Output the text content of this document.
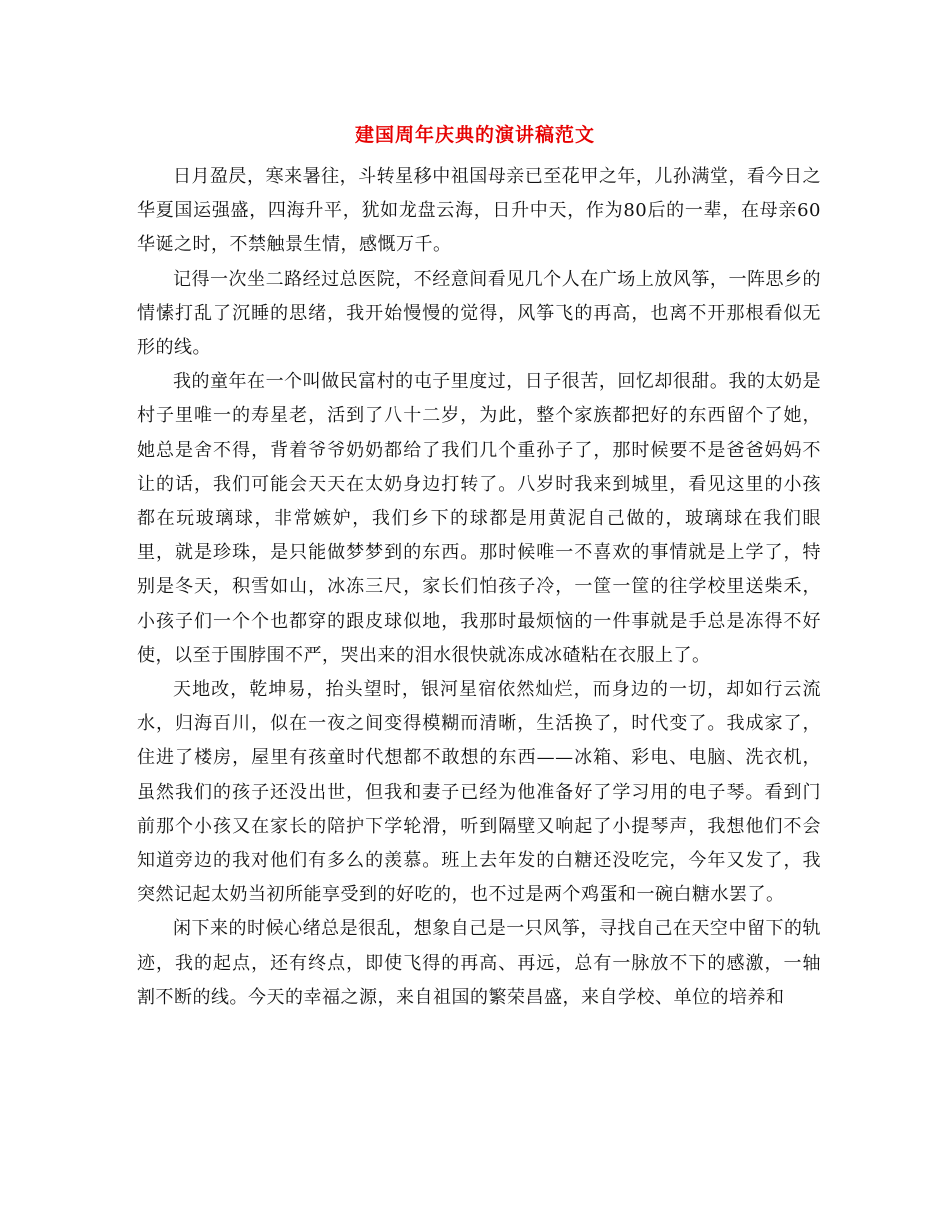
建国周年庆典的演讲稿范文

日月盈昃，寒来暑往，斗转星移中祖国母亲已至花甲之年，儿孙满堂，看今日之华夏国运强盛，四海升平，犹如龙盘云海，日升中天，作为80后的一辈，在母亲60华诞之时，不禁触景生情，感慨万千。

记得一次坐二路经过总医院，不经意间看见几个人在广场上放风筝，一阵思乡的情愫打乱了沉睡的思绪，我开始慢慢的觉得，风筝飞的再高，也离不开那根看似无形的线。

我的童年在一个叫做民富村的屯子里度过，日子很苦，回忆却很甜。我的太奶是村子里唯一的寿星老，活到了八十二岁，为此，整个家族都把好的东西留个了她，她总是舍不得，背着爷爷奶奶都给了我们几个重孙子了，那时候要不是爸爸妈妈不让的话，我们可能会天天在太奶身边打转了。八岁时我来到城里，看见这里的小孩都在玩玻璃球，非常嫉妒，我们乡下的球都是用黄泥自己做的，玻璃球在我们眼里，就是珍珠，是只能做梦梦到的东西。那时候唯一不喜欢的事情就是上学了，特别是冬天，积雪如山，冰冻三尺，家长们怕孩子冷，一筐一筐的往学校里送柴禾，小孩子们一个个也都穿的跟皮球似地，我那时最烦恼的一件事就是手总是冻得不好使，以至于围脖围不严，哭出来的泪水很快就冻成冰碴粘在衣服上了。

天地改，乾坤易，抬头望时，银河星宿依然灿烂，而身边的一切，却如行云流水，归海百川，似在一夜之间变得模糊而清晰，生活换了，时代变了。我成家了，住进了楼房，屋里有孩童时代想都不敢想的东西——冰箱、彩电、电脑、洗衣机，虽然我们的孩子还没出世，但我和妻子已经为他准备好了学习用的电子琴。看到门前那个小孩又在家长的陪护下学轮滑，听到隔壁又响起了小提琴声，我想他们不会知道旁边的我对他们有多么的羡慕。班上去年发的白糖还没吃完，今年又发了，我突然记起太奶当初所能享受到的好吃的，也不过是两个鸡蛋和一碗白糖水罢了。

闲下来的时候心绪总是很乱，想象自己是一只风筝，寻找自己在天空中留下的轨迹，我的起点，还有终点，即使飞得的再高、再远，总有一脉放不下的感激，一轴割不断的线。今天的幸福之源，来自祖国的繁荣昌盛，来自学校、单位的培养和
